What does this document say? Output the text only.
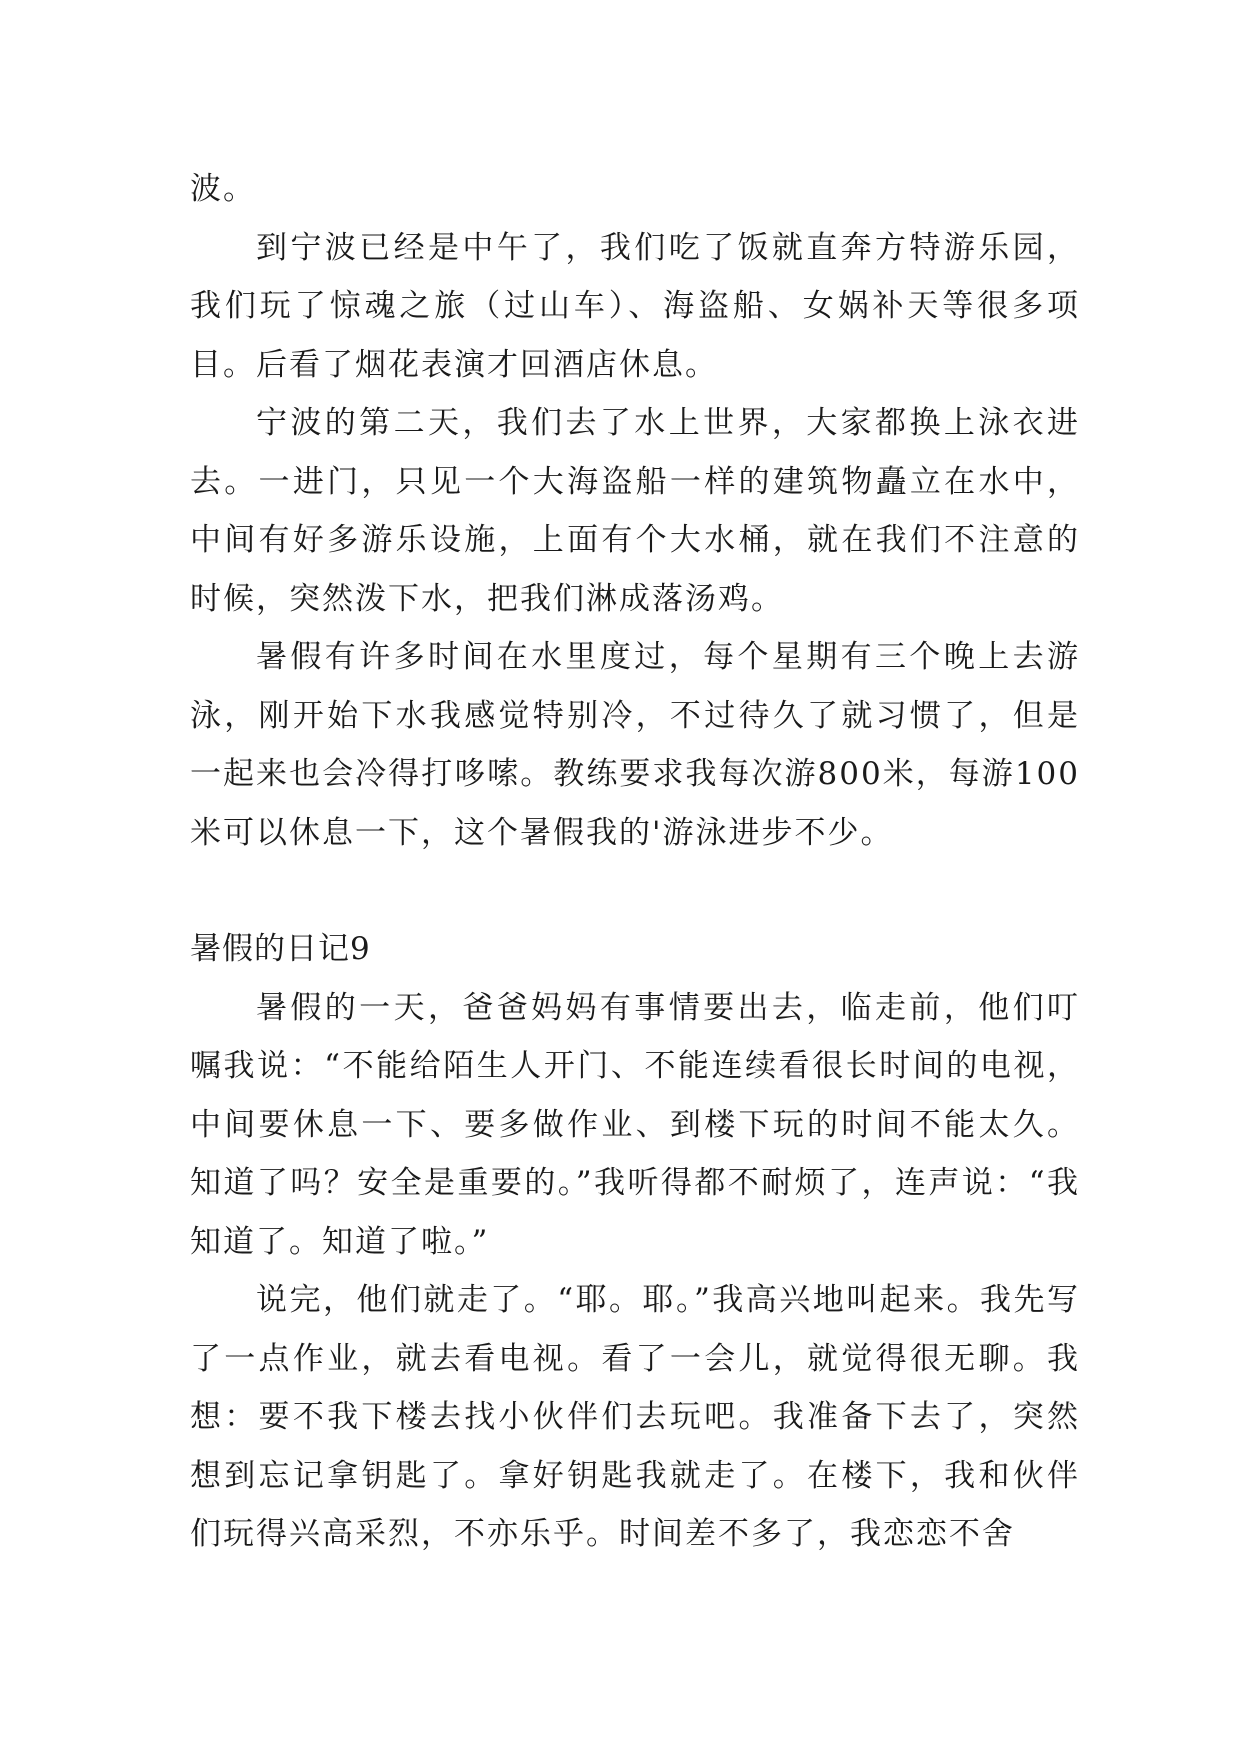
波。

到宁波已经是中午了，我们吃了饭就直奔方特游乐园，我们玩了惊魂之旅（过山车）、海盗船、女娲补天等很多项目。后看了烟花表演才回酒店休息。

宁波的第二天，我们去了水上世界，大家都换上泳衣进去。一进门，只见一个大海盗船一样的建筑物矗立在水中，中间有好多游乐设施，上面有个大水桶，就在我们不注意的时候，突然泼下水，把我们淋成落汤鸡。

暑假有许多时间在水里度过，每个星期有三个晚上去游泳，刚开始下水我感觉特别冷，不过待久了就习惯了，但是一起来也会冷得打哆嗦。教练要求我每次游800米，每游100米可以休息一下，这个暑假我的'游泳进步不少。

暑假的日记9

暑假的一天，爸爸妈妈有事情要出去，临走前，他们叮嘱我说：“不能给陌生人开门、不能连续看很长时间的电视，中间要休息一下、要多做作业、到楼下玩的时间不能太久。知道了吗？安全是重要的。”我听得都不耐烦了，连声说：“我知道了。知道了啦。”

说完，他们就走了。“耶。耶。”我高兴地叫起来。我先写了一点作业，就去看电视。看了一会儿，就觉得很无聊。我想：要不我下楼去找小伙伴们去玩吧。我准备下去了，突然想到忘记拿钥匙了。拿好钥匙我就走了。在楼下，我和伙伴们玩得兴高采烈，不亦乐乎。时间差不多了，我恋恋不舍
